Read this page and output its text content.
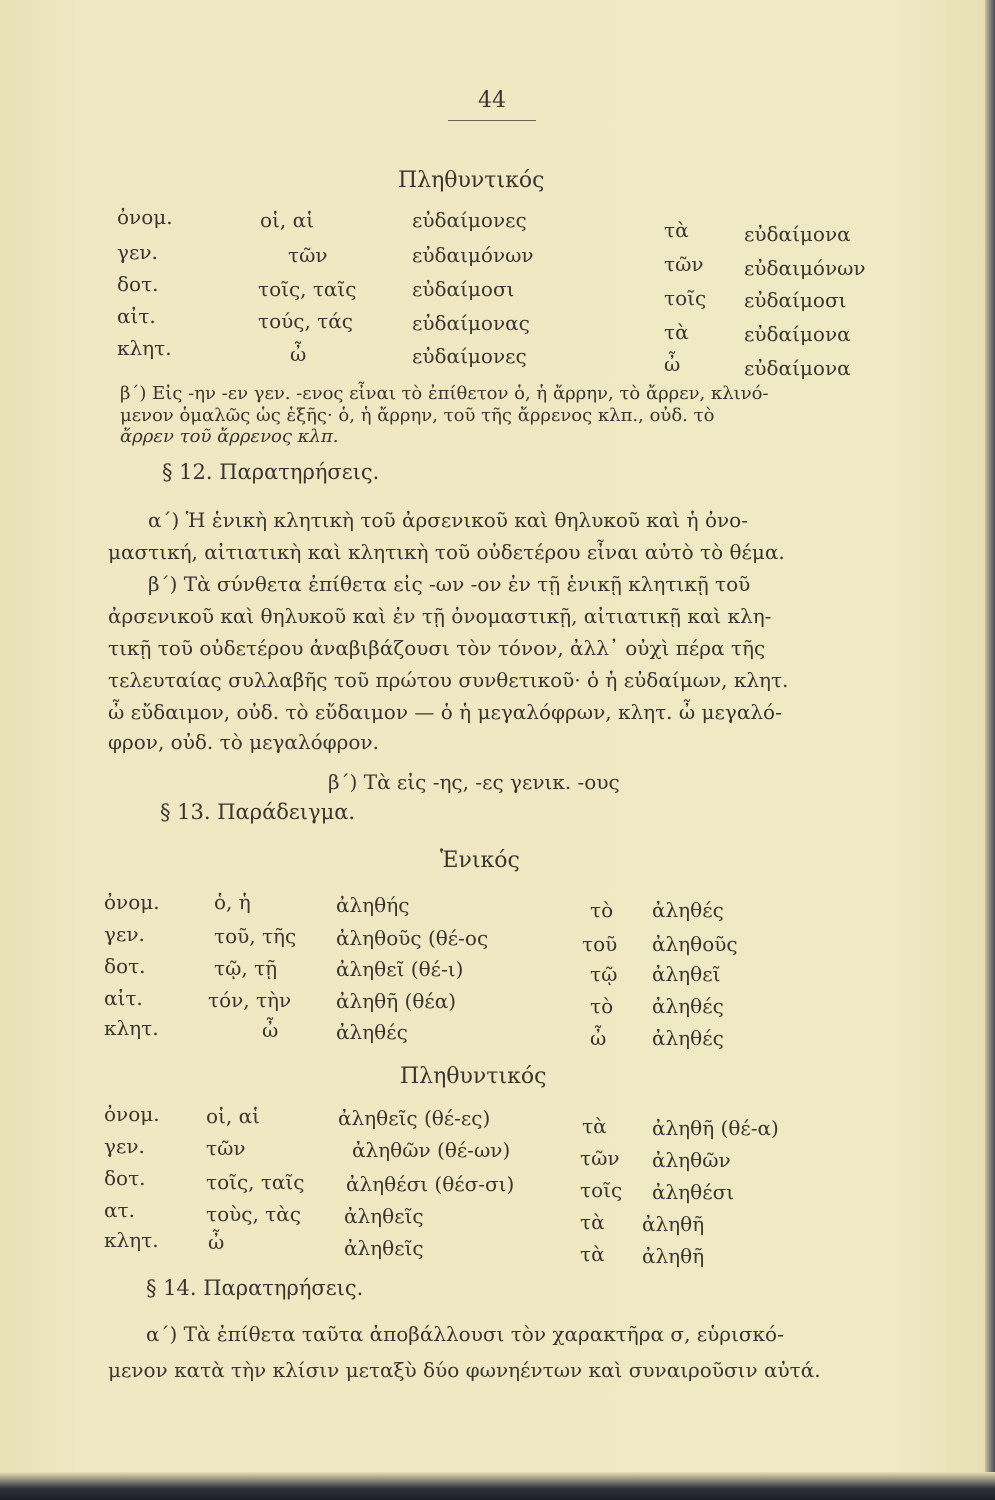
44
Πληθυντικός
ὀνομ.	οἱ, αἱ	εὐδαίμονες	τὰ	εὐδαίμονα
γεν.	τῶν	εὐδαιμόνων	τῶν εὐδαιμόνων
δοτ.	τοῖς, ταῖς	εὐδαίμοσι	τοῖς εὐδαίμοσι
αἰτ.	τούς, τάς	εὐδαίμονας	τὰ	εὐδαίμονα
κλητ.	ὦ	εὐδαίμονες	ὦ	εὐδαίμονα
β΄) Εἰς -ην -εν γεν. -ενος εἶναι τὸ ἐπίθετον ὁ, ἡ ἄρρην, τὸ ἄρρεν, κλινό-
μενον ὁμαλῶς ὡς ἑξῆς· ὁ, ἡ ἄρρην, τοῦ τῆς ἄρρενος κλπ., οὐδ. τὸ
ἄρρεν τοῦ ἄρρενος κλπ.
§ 12. Παρατηρήσεις.
α΄) Ἡ ἑνικὴ κλητικὴ τοῦ ἀρσενικοῦ καὶ θηλυκοῦ καὶ ἡ ὀνο-
μαστική, αἰτιατικὴ καὶ κλητικὴ τοῦ οὐδετέρου εἶναι αὐτὸ τὸ θέμα.
β΄) Τὰ σύνθετα ἐπίθετα εἰς -ων -ον ἐν τῇ ἑνικῇ κλητικῇ τοῦ
ἀρσενικοῦ καὶ θηλυκοῦ καὶ ἐν τῇ ὀνομαστικῇ, αἰτιατικῇ καὶ κλη-
τικῇ τοῦ οὐδετέρου ἀναβιβάζουσι τὸν τόνον, ἀλλ᾽ οὐχὶ πέρα τῆς
τελευταίας συλλαβῆς τοῦ πρώτου συνθετικοῦ· ὁ ἡ εὐδαίμων, κλητ.
ὦ εὔδαιμον, οὐδ. τὸ εὔδαιμον — ὁ ἡ μεγαλόφρων, κλητ. ὦ μεγαλό-
φρον, οὐδ. τὸ μεγαλόφρον.
β΄) Τὰ εἰς -ης, -ες γενικ. -ους
§ 13. Παράδειγμα.
Ἑνικός
ὀνομ.	ὁ, ἡ	ἀληθής	τὸ ἀληθές
γεν.	τοῦ, τῆς ἀληθοῦς (θέ-ος	τοῦ ἀληθοῦς
δοτ.	τῷ, τῇ	ἀληθεῖ (θέ-ι)	τῷ ἀληθεῖ
αἰτ.	τόν, τὴν ἀληθῆ (θέα)	τὸ ἀληθές
κλητ.	ὦ	ἀληθές	ὦ ἀληθές
Πληθυντικός
ὀνομ. οἱ, αἱ	ἀληθεῖς (θέ-ες)	τὰ ἀληθῆ (θέ-α)
γεν.	τῶν	ἀληθῶν (θέ-ων)	τῶν ἀληθῶν
δοτ.	τοῖς, ταῖς ἀληθέσι (θέσ-σι)	τοῖς ἀληθέσι
ατ.	τοὺς, τὰς ἀληθεῖς	τὰ ἀληθῆ
κλητ. ὦ	ἀληθεῖς	τὰ ἀληθῆ
§ 14. Παρατηρήσεις.
α΄) Τὰ ἐπίθετα ταῦτα ἀποβάλλουσι τὸν χαρακτῆρα σ, εὑρισκό-
μενον κατὰ τὴν κλίσιν μεταξὺ δύο φωνηέντων καὶ συναιροῦσιν αὐτά.
